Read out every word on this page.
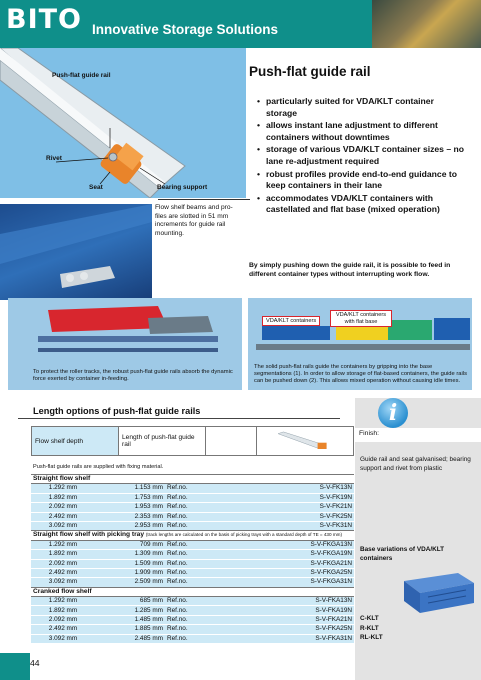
BITO Innovative Storage Solutions
Push-flat guide rail
Rivet
Seat	Bearing support
Flow shelf beams and pro-files are slotted in 51 mm increments for guide rail mounting.
Push-flat guide rail
• particularly suited for VDA/KLT container storage
• allows instant lane adjustment to different containers without downtimes
• storage of various VDA/KLT container sizes – no lane re-adjustment required
• robust profiles provide end-to-end guidance to keep containers in their lane
• accommodates VDA/KLT containers with castellated and flat base (mixed operation)
By simply pushing down the guide rail, it is possible to feed in different container types without interrupting work flow.
To protect the roller tracks, the robust push-flat guide rails absorb the dynamic force exerted by container in-feeding.
VDA/KLT containers
VDA/KLT containers with flat base
The solid push-flat rails guide the containers by gripping into the base segmentations (1). In order to allow storage of flat-based containers, the guide rails can be pushed down (2). This allows mixed operation without causing idle times.
Length options of push-flat guide rails
Flow shelf depth	Length of push-flat guide rail		
Push-flat guide rails are supplied with fixing material.
Straight flow shelf			
1.292 mm	1.153 mm	Ref.no.	S-V-FK13N
1.892 mm	1.753 mm	Ref.no.	S-V-FK19N
2.092 mm	1.953 mm	Ref.no.	S-V-FK21N
2.492 mm	2.353 mm	Ref.no.	S-V-FK25N
3.092 mm	2.953 mm	Ref.no.	S-V-FK31N
Straight flow shelf with picking tray (track lengths are calculated on the basis of picking trays with a standard depth of TE = 430 mm)			
1.292 mm	709 mm	Ref.no.	S-V-FKGA13N
1.892 mm	1.309 mm	Ref.no.	S-V-FKGA19N
2.092 mm	1.509 mm	Ref.no.	S-V-FKGA21N
2.492 mm	1.909 mm	Ref.no.	S-V-FKGA25N
3.092 mm	2.509 mm	Ref.no.	S-V-FKGA31N
Cranked flow shelf			
1.292 mm	685 mm	Ref.no.	S-V-FKA13N
1.892 mm	1.285 mm	Ref.no.	S-V-FKA19N
2.092 mm	1.485 mm	Ref.no.	S-V-FKA21N
2.492 mm	1.885 mm	Ref.no.	S-V-FKA25N
3.092 mm	2.485 mm	Ref.no.	S-V-FKA31N
i
Finish:
Guide rail and seat galvanised; bearing support and rivet from plastic
Base variations of VDA/KLT containers
C-KLT
R-KLT
RL-KLT
44
